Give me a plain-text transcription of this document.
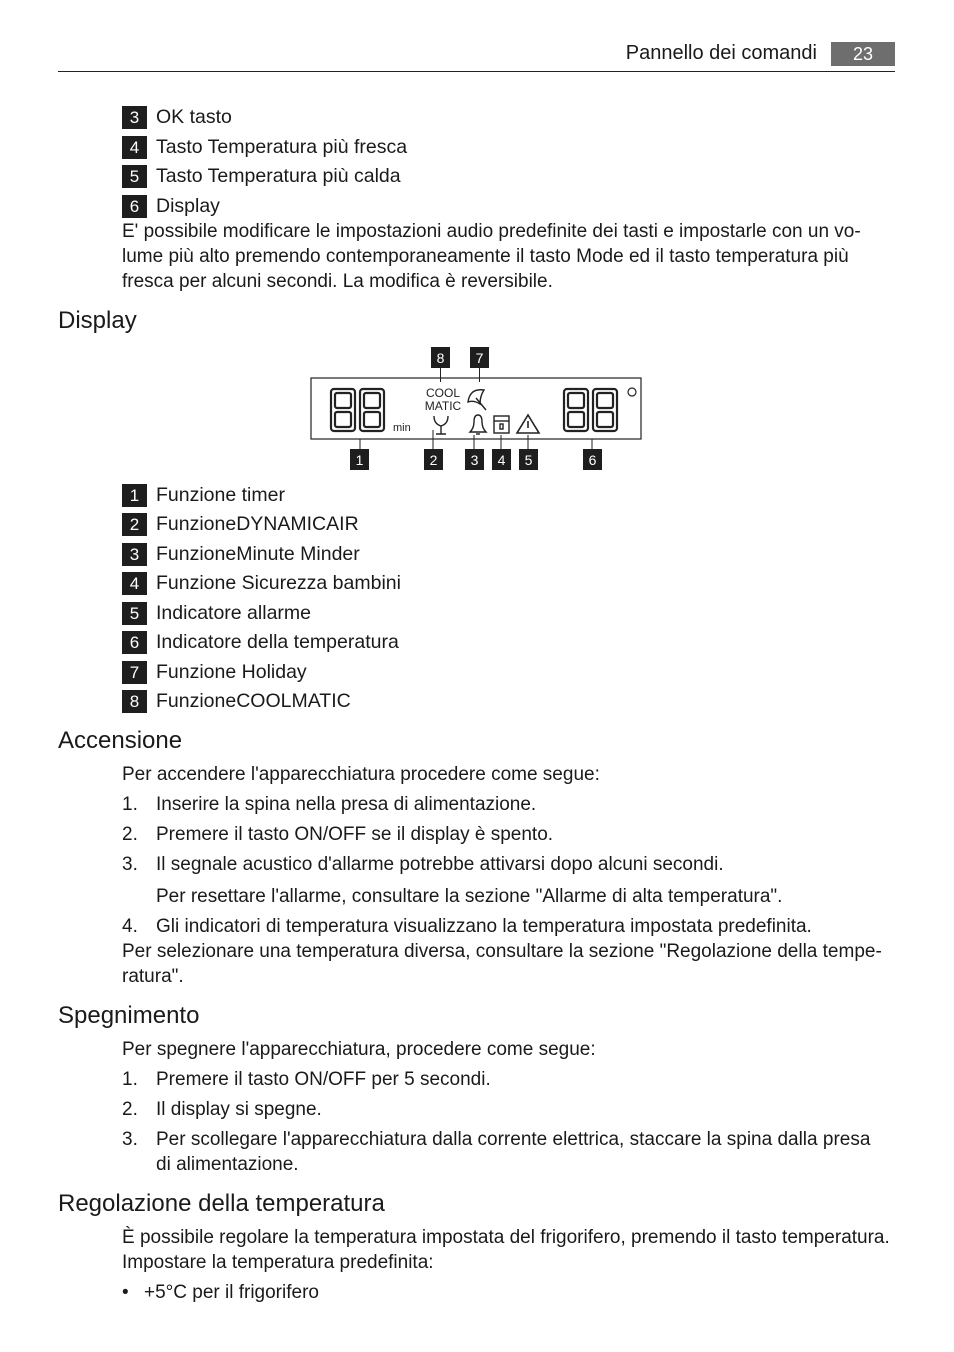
Pannello dei comandi	23
3 OK tasto
4 Tasto Temperatura più fresca
5 Tasto Temperatura più calda
6 Display
E' possibile modificare le impostazioni audio predefinite dei tasti e impostarle con un vo-
lume più alto premendo contemporaneamente il tasto Mode ed il tasto temperatura più
fresca per alcuni secondi. La modifica è reversibile.
Display
8 7
min
COOL
MATIC
1	2 3 4 5	6
1 Funzione timer
2 FunzioneDYNAMICAIR
3 FunzioneMinute Minder
4 Funzione Sicurezza bambini
5 Indicatore allarme
6 Indicatore della temperatura
7 Funzione Holiday
8 FunzioneCOOLMATIC
Accensione
Per accendere l'apparecchiatura procedere come segue:
1. Inserire la spina nella presa di alimentazione.
2. Premere il tasto ON/OFF se il display è spento.
3. Il segnale acustico d'allarme potrebbe attivarsi dopo alcuni secondi.
Per resettare l'allarme, consultare la sezione "Allarme di alta temperatura".
4. Gli indicatori di temperatura visualizzano la temperatura impostata predefinita.
Per selezionare una temperatura diversa, consultare la sezione "Regolazione della tempe-
ratura".
Spegnimento
Per spegnere l'apparecchiatura, procedere come segue:
1. Premere il tasto ON/OFF per 5 secondi.
2. Il display si spegne.
3. Per scollegare l'apparecchiatura dalla corrente elettrica, staccare la spina dalla presa
di alimentazione.
Regolazione della temperatura
È possibile regolare la temperatura impostata del frigorifero, premendo il tasto temperatura.
Impostare la temperatura predefinita:
• +5°C per il frigorifero
